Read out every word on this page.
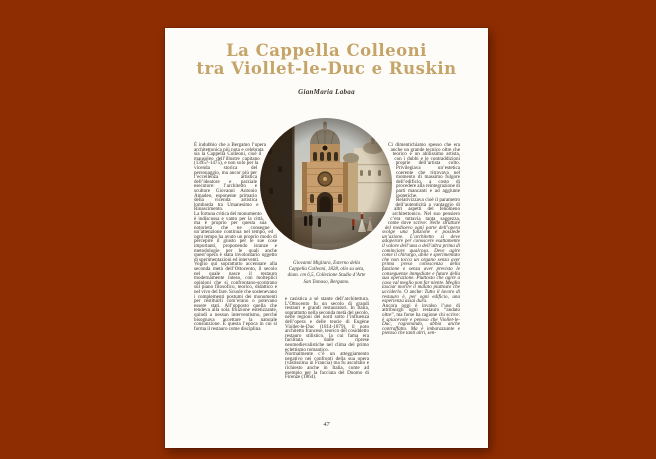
La Cappella Colleoni
tra Viollet-le-Duc e Ruskin
GianMaria Labaa
Giovanni Migliara, Esterno della Cappella Colleoni, 1828, olio su seta, diam. cm 6,5, Collezione Studio d’Arte San Tomaso, Bergamo.

È indubbio che a Bergamo l’opera architettonica più nota e celebrata sia la Cappella Colleoni, cioè il mausoleo dell’illustre capitano (1395?-1475), e non solo per la vicenda storica del personaggio, ma ancor più per l’eccellenza artistica dell’ideatore e parziale esecutore: l’architetto e scultore Giovanni Antonio Amadeo, esponente primario della vicenda artistica lombarda tra Umanesimo e Rinascimento.

La fortuna critica del monumento è indiscussa e vanto per la città, ma è proprio per questa sua notorietà che ne consegue un’attenzione continua nel tempo, ed ogni tempo ha avuto un proprio modo di percepire il giusto per le sue cose importanti, proponendo istanze e metodologie per le quali anche quest’opera è stata involontario oggetto di sperimentazioni ed interventi.

Voglio qui soprattutto accennare alla seconda metà dell’Ottocento, il secolo nel quale nasce il restauro modernamente inteso, con molteplici opinioni che si confrontano-scontrano sul piano filosofico, teorico, didattico e nel vivo del fare. Scuole che sostenevano i complementi postumi dei monumenti per restituirli com’erano o potevano essere stati. All’opposto quella che tendeva alla sola fruizione estetizzante, quindi a nessun interventismo, perché bisognava accettare la naturale consunzione. È questa l’epoca in cui si forma il restauro come disciplina

e casistica a sé stante dell’architettura. L’Ottocento fu un secolo di grandi restauri e grandi restauratori. In Italia, soprattutto nella seconda metà del secolo, nelle regioni del nord sotto l’influenza dell’opera e delle teorie di Eugène Viollet-le-Duc (1814-1879), il noto architetto francese, teorico del cosiddetto restauro stilistico, la cui fama era facilitata dalle riprese neomedievalistiche nel clima del primo eclettismo romantico.

Normalmente c’è un atteggiamento negativo nei confronti della sua opera (vastissima in Francia) ma fu ascoltato e richiesto anche in Italia, come ad esempio per la facciata del Duomo di Firenze (1864).

Ci dimentichiamo spesso che era anche un grande tecnico oltre che teorico e un abilissimo artista, con i dubbi e le contraddizioni proprie dell’artista colto. Privilegiava un’estetica coerente che ritrovava nel momento di massimo fulgore dell’edificio, a costo di procedere alla reintegrazione di parti mancanti e ad aggiunte ipotetiche.

Relativizzava cioè il parametro dell’autenticità a vantaggio di altri aspetti del fenomeno architettonico. Nel suo pensiero c’era tuttavia tanta saggezza, come dove scrive: Nelle strutture del medioevo ogni parte dell’opera svolge una funzione e possiede un’azione. L’architetto si deve adoperare per conoscere esattamente il valore dell’una o dell’altra prima di cominciare qualcosa. Deve agire come il chirurgo, abile e sperimentato che non tocca un organo senza aver prima preso conoscenza della funzione e senza aver previsto le conseguenze immediate e future della sua operazione. Piuttosto che agire a caso val meglio non far niente. Meglio lasciar morire il malato piuttosto che ucciderlo. O anche: Tutto il lavoro di restauro è, per ogni edificio, una esperienza assai dura.

Ancora oggi è invalso l’uso di attribuirgli ogni restauro “andato oltre”, ma forse ha ragione chi scrive: è spiacevole e penoso che Viollet-le-Duc, ragionando, abbia anche contraffatto. Ma è imbarazzante e pietoso che tanti altri, sen-

47
